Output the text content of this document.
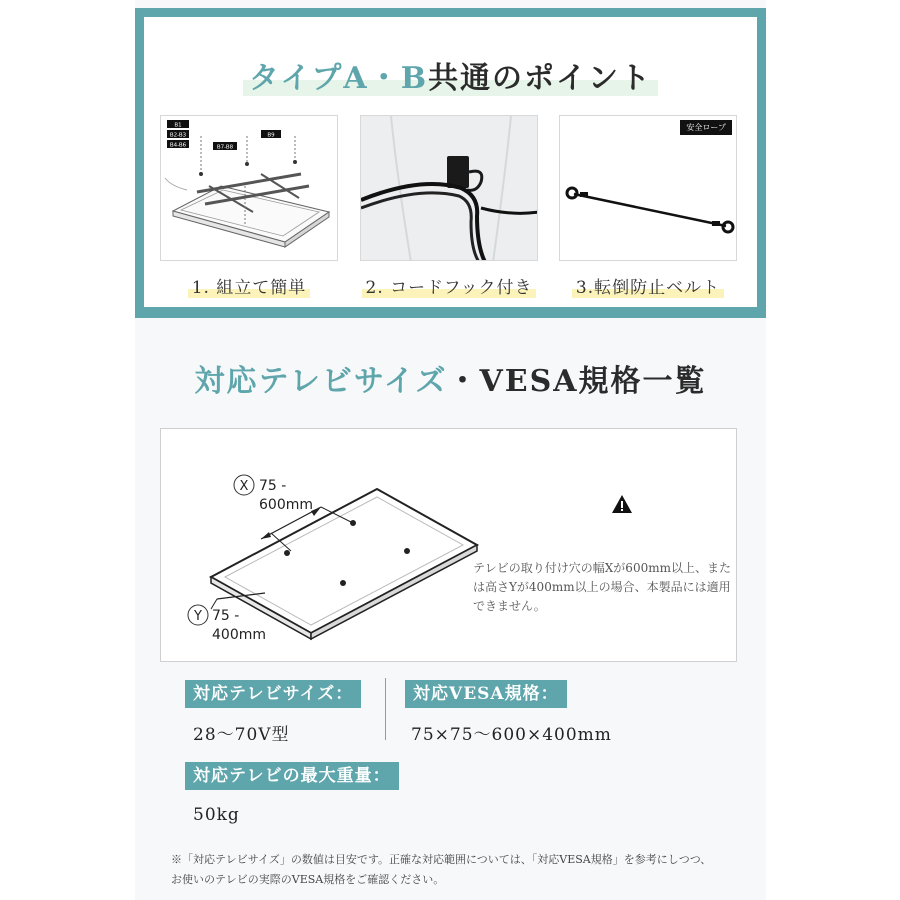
タイプA・B共通のポイント
B1
B2-B3
B4-B6	B7-B8
B9
1. 組立て簡単	2. コードフック付き
安全ロープ
3.転倒防止ベルト
対応テレビサイズ・VESA規格一覧
X 75 -
600mm
Y 75 -
400mm
テレビの取り付け穴の幅Xが600mm以上、または高さYが400mm以上の場合、本製品には適用できません。
対応テレビサイズ：
28〜70V型
対応VESA規格：
75×75〜600×400mm
対応テレビの最大重量：
50kg
※「対応テレビサイズ」の数値は目安です。正確な対応範囲については、「対応VESA規格」を参考にしつつ、
お使いのテレビの実際のVESA規格をご確認ください。
